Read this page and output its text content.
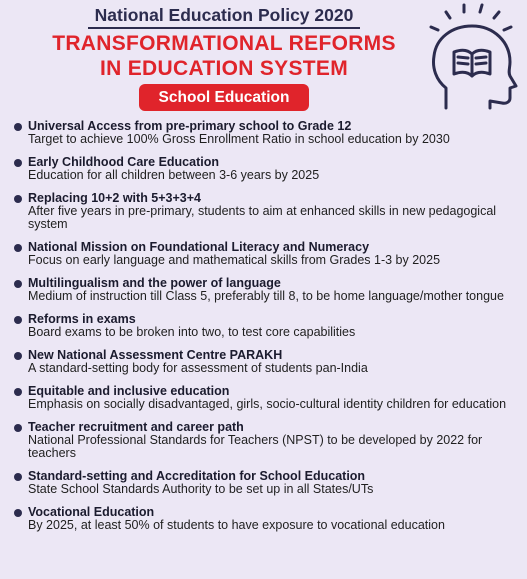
National Education Policy 2020
TRANSFORMATIONAL REFORMS
IN EDUCATION SYSTEM
School Education
Universal Access from pre-primary school to Grade 12
Target to achieve 100% Gross Enrollment Ratio in school education by 2030
Early Childhood Care Education
Education for all children between 3-6 years by 2025
Replacing 10+2 with 5+3+3+4
After five years in pre-primary, students to aim at enhanced skills in new pedagogical system
National Mission on Foundational Literacy and Numeracy
Focus on early language and mathematical skills from Grades 1-3 by 2025
Multilingualism and the power of language
Medium of instruction till Class 5, preferably till 8, to be home language/mother tongue
Reforms in exams
Board exams to be broken into two, to test core capabilities
New National Assessment Centre PARAKH
A standard-setting body for assessment of students pan-India
Equitable and inclusive education
Emphasis on socially disadvantaged, girls, socio-cultural identity children for education
Teacher recruitment and career path
National Professional Standards for Teachers (NPST) to be developed by 2022 for teachers
Standard-setting and Accreditation for School Education
State School Standards Authority to be set up in all States/UTs
Vocational Education
By 2025, at least 50% of students to have exposure to vocational education
